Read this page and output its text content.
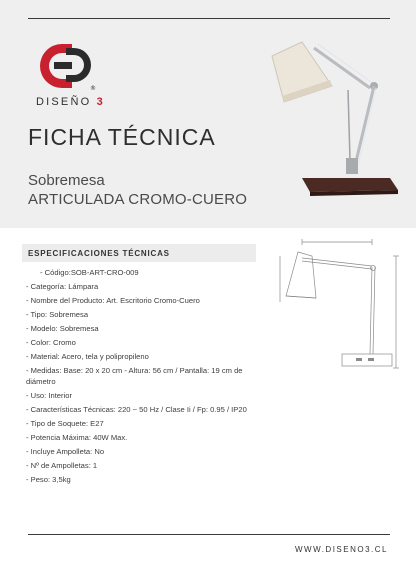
®
DISEÑO 3
FICHA TÉCNICA
Sobremesa
ARTICULADA CROMO-CUERO
ESPECIFICACIONES TÉCNICAS
- Código:SOB-ART-CRO-009
- Categoría: Lámpara
- Nombre del Producto: Art. Escritorio Cromo-Cuero
- Tipo: Sobremesa
- Modelo: Sobremesa
- Color: Cromo
- Material: Acero, tela y polipropileno
- Medidas: Base: 20 x 20 cm - Altura: 56 cm / Pantalla: 19 cm de diámetro
- Uso: Interior
- Características Técnicas: 220 ~ 50 Hz / Clase Ii / Fp: 0.95 / IP20
- Tipo de Soquete: E27
- Potencia Máxima: 40W Max.
- Incluye Ampolleta: No
- Nº de Ampolletas: 1
- Peso: 3,5kg
WWW.DISENO3.CL
